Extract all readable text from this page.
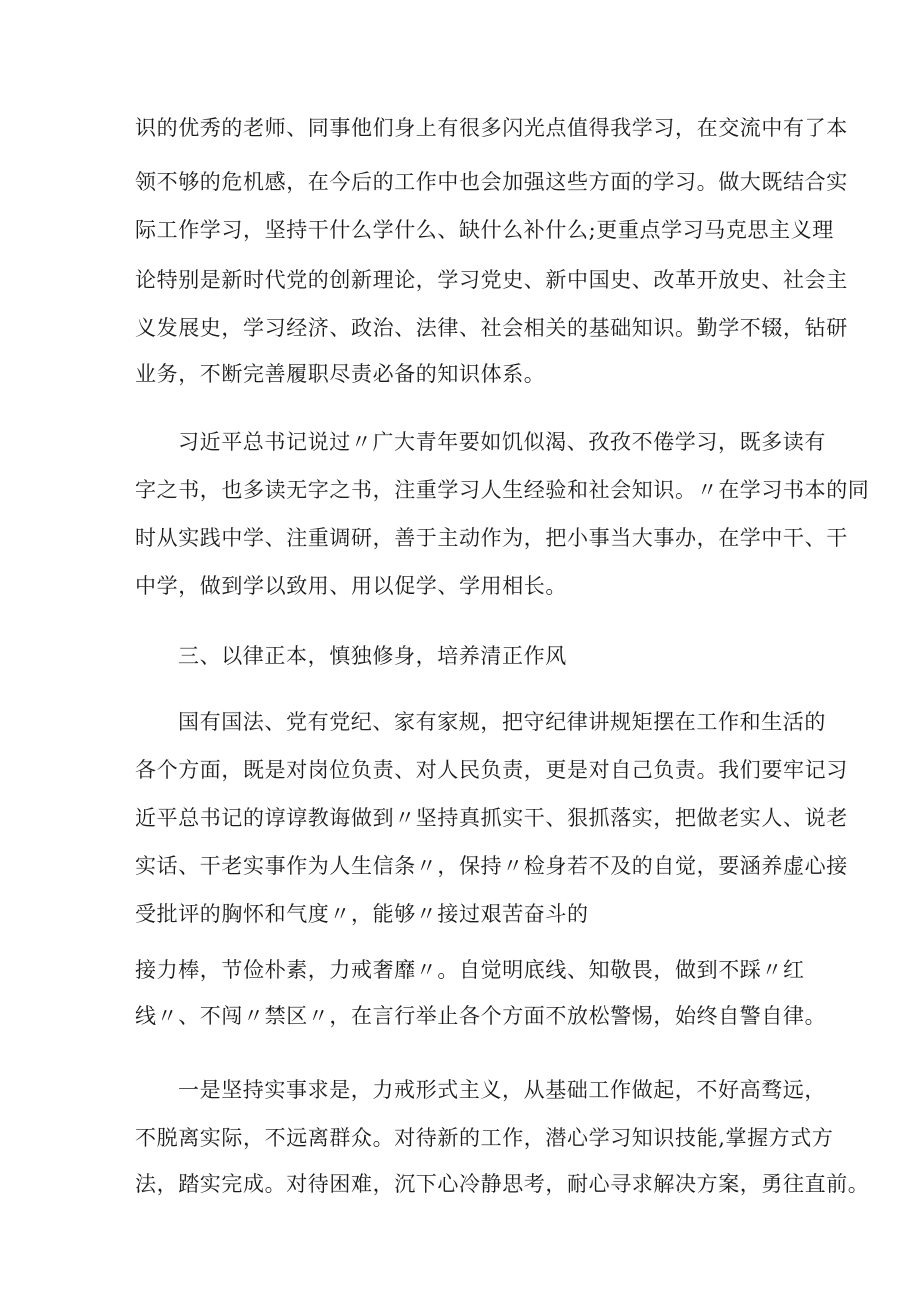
识的优秀的老师、同事他们身上有很多闪光点值得我学习，在交流中有了本

领不够的危机感，在今后的工作中也会加强这些方面的学习。做大既结合实

际工作学习，坚持干什么学什么、缺什么补什么;更重点学习马克思主义理

论特别是新时代党的创新理论，学习党史、新中国史、改革开放史、社会主

义发展史，学习经济、政治、法律、社会相关的基础知识。勤学不辍，钻研

业务，不断完善履职尽责必备的知识体系。

习近平总书记说过〃广大青年要如饥似渴、孜孜不倦学习，既多读有

字之书，也多读无字之书，注重学习人生经验和社会知识。〃在学习书本的同

时从实践中学、注重调研，善于主动作为，把小事当大事办，在学中干、干

中学，做到学以致用、用以促学、学用相长。

三、以律正本，慎独修身，培养清正作风

国有国法、党有党纪、家有家规，把守纪律讲规矩摆在工作和生活的

各个方面，既是对岗位负责、对人民负责，更是对自己负责。我们要牢记习

近平总书记的谆谆教诲做到〃坚持真抓实干、狠抓落实，把做老实人、说老

实话、干老实事作为人生信条〃，保持〃检身若不及的自觉，要涵养虚心接

受批评的胸怀和气度〃，能够〃接过艰苦奋斗的

接力棒，节俭朴素，力戒奢靡〃。自觉明底线、知敬畏，做到不踩〃红

线〃、不闯〃禁区〃，在言行举止各个方面不放松警惕，始终自警自律。

一是坚持实事求是，力戒形式主义，从基础工作做起，不好高骛远，

不脱离实际，不远离群众。对待新的工作，潜心学习知识技能,掌握方式方

法，踏实完成。对待困难，沉下心冷静思考，耐心寻求解决方案，勇往直前。
